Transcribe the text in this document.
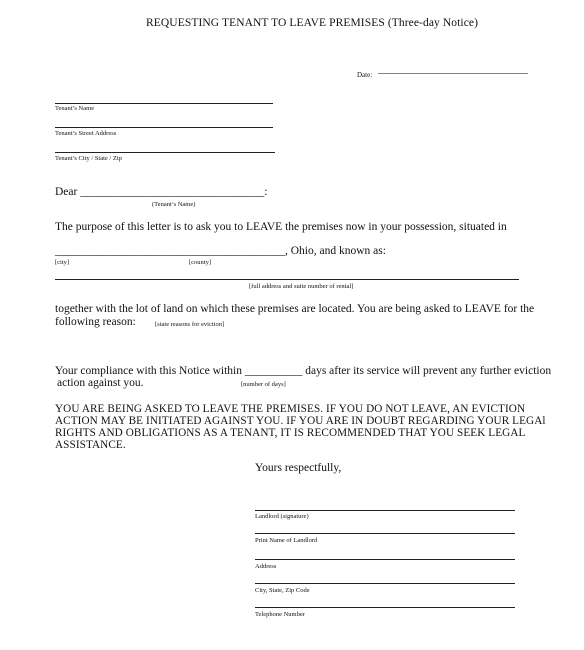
REQUESTING TENANT TO LEAVE PREMISES (Three-day Notice)
Date: ______________________________
Tenant’s Name
Tenant’s Street Address
Tenant’s City / State / Zip
Dear ________________________________:
(Tenant’s Name)
The purpose of this letter is to ask you to LEAVE the premises now in your possession, situated in
________________________________________, Ohio, and known as:
[city]	[county]
[full address and suite number of rental]
together with the lot of land on which these premises are located. You are being asked to LEAVE for the
following reason:	[state reasons for eviction]
Your compliance with this Notice within __________ days after its service will prevent any further eviction
action against you.	[number of days]
YOU ARE BEING ASKED TO LEAVE THE PREMISES. IF YOU DO NOT LEAVE, AN EVICTION
ACTION MAY BE INITIATED AGAINST YOU. IF YOU ARE IN DOUBT REGARDING YOUR LEGAl
RIGHTS AND OBLIGATIONS AS A TENANT, IT IS RECOMMENDED THAT YOU SEEK LEGAL
ASSISTANCE.
Yours respectfully,
Landlord (signature)
Print Name of Landlord
Address
City, State, Zip Code
Telephone Number
